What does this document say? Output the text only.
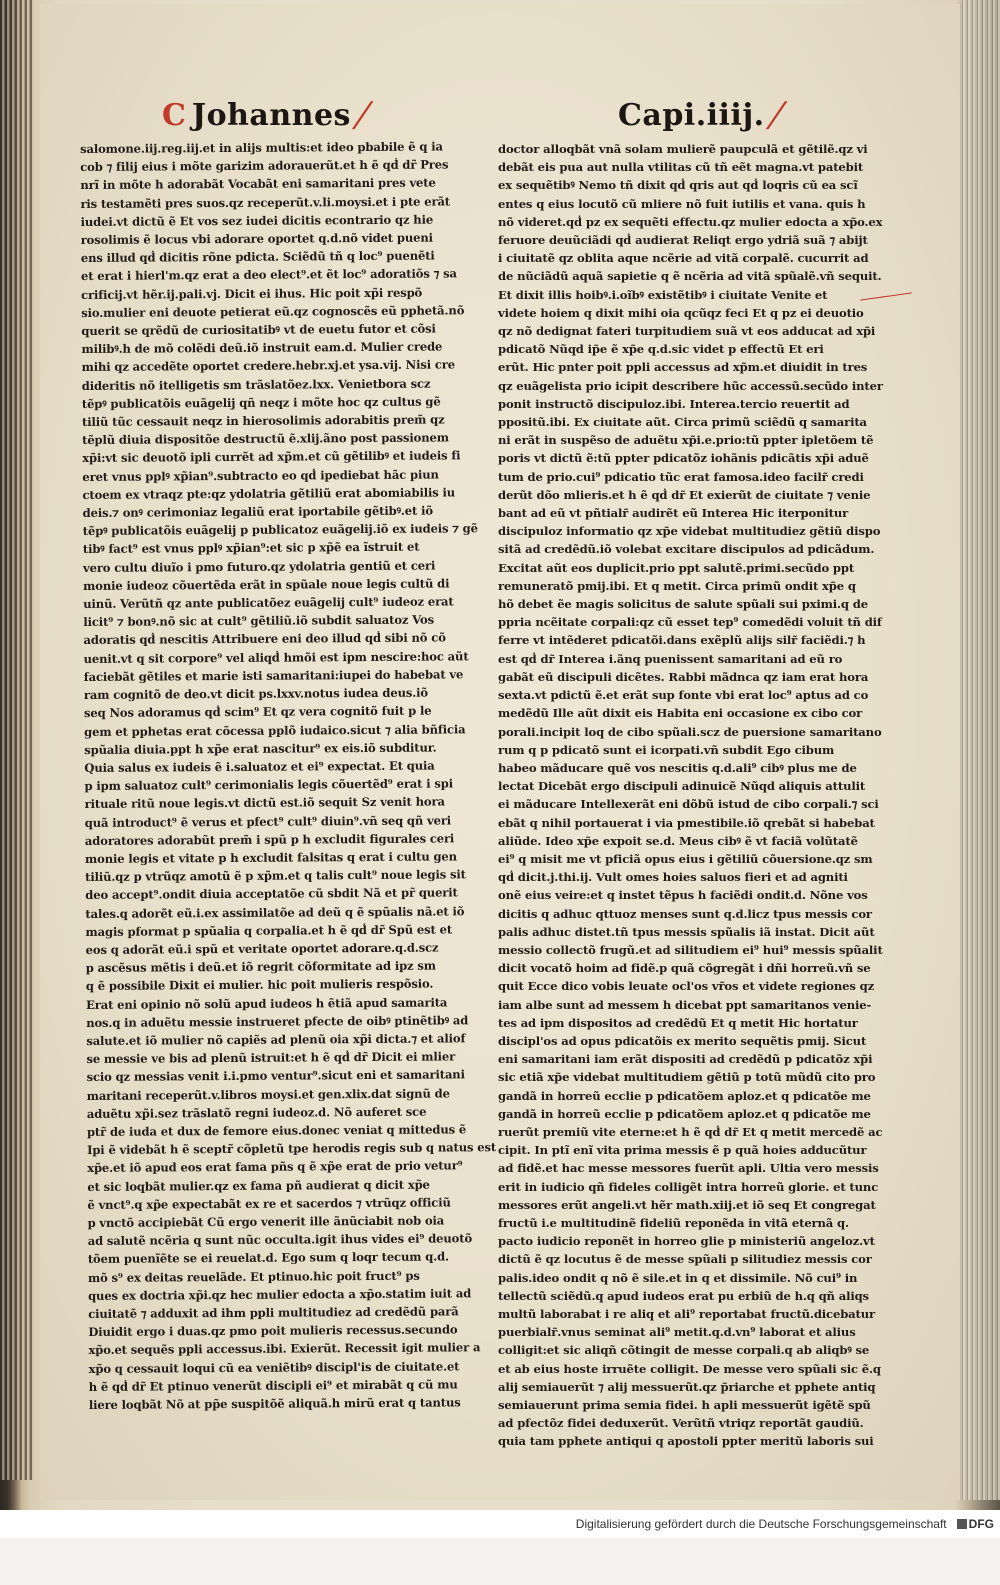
C Johannes
/	Capi.iiij.
/
salomone.iij.reg.iij.et in alijs multis:et ideo pbabile ẽ q ia
cob ⁊ filij eius i mõte garizim adorauerũt.et h ẽ qḋ dr̃ Pres
nrĩ in mõte h adorabãt Vocabãt eni samaritani pres vete
ris testamẽti pres suos.qz receperũt.v.li.moysi.et i pte erãt
iudei.vt dictũ ẽ Et vos sez iudei dicitis econtrario qz hie
rosolimis ẽ locus vbi adorare oportet q.d.nõ videt pueni
ens illud qḋ dicitis rõne pdicta. Sciẽdũ tñ q loc⁹ puenẽti
et erat i hierl'm.qz erat a deo elect⁹.et ẽt loc⁹ adoratiõs ⁊ sa
crificij.vt hẽr.ij.pali.vj. Dicit ei ihus. Hic poit xp̃i respõ
sio.mulier eni deuote petierat eũ.qz cognoscẽs eũ pphetã.nõ
querit se qrẽdũ de curiositatibꝰ vt de euetu futor et cõsi
milibꝰ.h de mõ colẽdi deũ.iõ instruit eam.d. Mulier crede
mihi qz accedẽte oportet credere.hebr.xj.et ysa.vij. Nisi cre
dideritis nõ itelligetis sm trãslatõez.lxx. Venietbora scz
tẽpꝰ publicatõis euãgelij qñ neqz i mõte hoc qz cultus gẽ
tiliũ tũc cessauit neqz in hierosolimis adorabitis prem̃ qz
tẽplũ diuia dispositõe destructũ ẽ.xlij.ãno post passionem
xp̃i:vt sic deuotõ ipli currẽt ad xp̃m.et cũ gẽtilibꝰ et iudeis fi
eret vnus pplꝰ xp̃ian⁹.subtracto eo qḋ ipediebat hãc piun
ctoem ex vtraqz pte:qz ydolatria gẽtiliũ erat abomiabilis iu
deis.⁊ onꝰ cerimoniaz legaliũ erat iportabile gẽtibꝰ.et iõ
tẽpꝰ publicatõis euãgelij p publicatoz euãgelij.iõ ex iudeis ⁊ gẽ
tibꝰ fact⁹ est vnus pplꝰ xp̃ian⁹:et sic p xp̃ẽ ea ĩstruit et
vero cultu diuĩo i pmo futuro.qz ydolatria gentiũ et ceri
monie iudeoz cõuertẽda erãt in spũale noue legis cultũ di
uinũ. Verũtñ qz ante publicatõez euãgelij cult⁹ iudeoz erat
licit⁹ ⁊ bonꝰ.nõ sic at cult⁹ gẽtiliũ.iõ subdit saluatoz Vos
adoratis qḋ nescitis Attribuere eni deo illud qḋ sibi nõ cõ
uenit.vt q sit corpore⁹ vel aliqḋ hmõi est ipm nescire:hoc aũt
faciebãt gẽtiles et marie isti samaritani:iupei do habebat ve
ram cognitõ de deo.vt dicit ps.lxxv.notus iudea deus.iõ
seq Nos adoramus qḋ scim⁹ Et qz vera cognitõ fuit p le
gem et pphetas erat cõcessa pplõ iudaico.sicut ⁊ alia bñficia
spũalia diuia.ppt h xp̃e erat nascitur⁹ ex eis.iõ subditur.
Quia salus ex iudeis ẽ i.saluatoz et ei⁹ expectat. Et quia
p ipm saluatoz cult⁹ cerimonialis legis cõuertẽd⁹ erat i spi
rituale ritũ noue legis.vt dictũ est.iõ sequit Sz venit hora
quã introduct⁹ ẽ verus et pfect⁹ cult⁹ diuin⁹.vñ seq qñ veri
adoratores adorabũt prem̃ i spũ p h excludit figurales ceri
monie legis et vitate p h excludit falsitas q erat i cultu gen
tiliũ.qz p vtrũqz amotũ ẽ p xp̃m.et q talis cult⁹ noue legis sit
deo accept⁹.ondit diuia acceptatõe cũ sbdit Nã et pr̃ querit
tales.q adorẽt eũ.i.ex assimilatõe ad deũ q ẽ spũalis nã.et iõ
magis pformat p spũalia q corpalia.et h ẽ qḋ dr̃ Spũ est et
eos q adorãt eũ.i spũ et veritate oportet adorare.q.d.scz
p ascẽsus mẽtis i deũ.et iõ regrit cõformitate ad ipz sm
q ẽ possibile Dixit ei mulier. hic poit mulieris respõsio.
Erat eni opinio nõ solũ apud iudeos h ẽtiã apud samarita
nos.q in aduẽtu messie instrueret pfecte de oibꝰ ptinẽtibꝰ ad
salute.et iõ mulier nõ capiẽs ad plenũ oia xp̃i dicta.⁊ et aliof
se messie ve bis ad plenũ istruit:et h ẽ qḋ dr̃ Dicit ei mlier
scio qz messias venit i.i.pmo ventur⁹.sicut eni et samaritani
maritani receperũt.v.libros moysi.et gen.xlix.dat signũ de
aduẽtu xp̃i.sez trãslatõ regni iudeoz.d. Nõ auferet sce
ptr̃ de iuda et dux de femore eius.donec veniat q mittedus ẽ
Ipi ẽ videbãt h ẽ sceptr̃ cõpletũ tpe herodis regis sub q natus est
xp̃e.et iõ apud eos erat fama pñs q ẽ xp̃e erat de prio vetur⁹
et sic loqbãt mulier.qz ex fama pñ audierat q dicit xp̃e
ẽ vnct⁹.q xp̃e expectabãt ex re et sacerdos ⁊ vtrũqz officiũ
p vnctõ accipiebãt Cũ ergo venerit ille ãnũciabit nob oia
ad salutẽ ncẽria q sunt nũc occulta.igit ihus vides ei⁹ deuotõ
tõem puenĩẽte se ei reuelat.d. Ego sum q loqr tecum q.d.
mõ s⁹ ex deitas reuelãde. Et ptinuo.hic poit fruct⁹ ps
ques ex doctria xp̃i.qz hec mulier edocta a xp̃o.statim iuit ad
ciuitatẽ ⁊ adduxit ad ihm ppli multitudiez ad credẽdũ parã
Diuidit ergo i duas.qz pmo poit mulieris recessus.secundo
xp̃o.et sequẽs ppli accessus.ibi. Exierũt. Recessit igit mulier a
xp̃o q cessauit loqui cũ ea veniẽtibꝰ discipl'is de ciuitate.et
h ẽ qḋ dr̃ Et ptinuo venerũt discipli ei⁹ et mirabãt q cũ mu
liere loqbãt Nõ at pp̃e suspitõẽ aliquã.h mirũ erat q tantus
doctor alloqbãt vnã solam mulierẽ paupculã et gẽtilẽ.qz vi
debãt eis pua aut nulla vtilitas cũ tñ eẽt magna.vt patebit
ex sequẽtibꝰ Nemo tñ dixit qḋ qris aut qḋ loqris cũ ea scĩ
entes q eius locutõ cũ mliere nõ fuit iutilis et vana. quis h
nõ videret.qḋ pz ex sequẽti effectu.qz mulier edocta a xp̃o.ex
feruore deuũciãdi qḋ audierat Reliqt ergo ydriã suã ⁊ abijt
i ciuitatẽ qz oblita aque ncẽrie ad vitã corpalẽ. cucurrit ad
de nũciãdũ aquã sapietie q ẽ ncẽria ad vitã spũalẽ.vñ sequit.
Et dixit illis hoibꝰ.i.oĩbꝰ existẽtibꝰ i ciuitate Venite et
videte hoiem q dixit mihi oia qcũqz feci Et q pz ei deuotio
qz nõ dedignat fateri turpitudiem suã vt eos adducat ad xp̃i
pdicatõ Nũqd ip̃e ẽ xp̃e q.d.sic videt p effectũ Et eri
erũt. Hic pnter poit ppli accessus ad xp̃m.et diuidit in tres
qz euãgelista prio icipit describere hũc accessũ.secũdo inter
ponit instructõ discipuloz.ibi. Interea.tercio reuertit ad
ppositũ.ibi. Ex ciuitate aũt. Circa primũ sciẽdũ q samarita
ni erãt in suspẽso de aduẽtu xp̃i.e.prio:tũ ppter ipletõem tẽ
poris vt dictũ ẽ:tũ ppter pdicatõz iohãnis pdicãtis xp̃i aduẽ
tum de prio.cui⁹ pdicatio tũc erat famosa.ideo facilr̃ credi
derũt dõo mlieris.et h ẽ qḋ dr̃ Et exierũt de ciuitate ⁊ venie
bant ad eũ vt pñtialr̃ audirẽt eũ Interea Hic iterponitur
discipuloz informatio qz xp̃e videbat multitudiez gẽtiũ dispo
sitã ad credẽdũ.iõ volebat excitare discipulos ad pdicãdum.
Excitat aũt eos duplicit.prio ppt salutẽ.primi.secũdo ppt
remuneratõ pmij.ibi. Et q metit. Circa primũ ondit xp̃e q
hõ debet ẽe magis solicitus de salute spũali sui pximi.q de
ppria ncẽitate corpali:qz cũ esset tep⁹ comedẽdi voluit tñ dif
ferre vt intẽderet pdicatõi.dans exẽplũ alijs silr̃ faciẽdi.⁊ h
est qḋ dr̃ Interea i.ãnq puenissent samaritani ad eũ ro
gabãt eũ discipuli dicẽtes. Rabbi mãdnca qz iam erat hora
sexta.vt pdictũ ẽ.et erãt sup fonte vbi erat loc⁹ aptus ad co
medẽdũ Ille aũt dixit eis Habita eni occasione ex cibo cor
porali.incipit loq de cibo spũali.scz de puersione samaritano
rum q p pdicatõ sunt ei icorpati.vñ subdit Ego cibum
habeo mãducare quẽ vos nescitis q.d.ali⁹ cibꝰ plus me de
lectat Dicebãt ergo discipuli adinuicẽ Nũqd aliquis attulit
ei mãducare Intellexerãt eni dõbũ istud de cibo corpali.⁊ sci
ebãt q nihil portauerat i via pmestibile.iõ qrebãt si habebat
aliũde. Ideo xp̃e expoit se.d. Meus cibꝰ ẽ vt faciã volũtatẽ
ei⁹ q misit me vt pficiã opus eius i gẽtiliũ cõuersione.qz sm
qḋ dicit.j.thi.ij. Vult omes hoies saluos fieri et ad agniti
onẽ eius veire:et q instet tẽpus h faciẽdi ondit.d. Nõne vos
dicitis q adhuc qttuoz menses sunt q.d.licz tpus messis cor
palis adhuc distet.tñ tpus messis spũalis iã instat. Dicit aũt
messio collectõ frugũ.et ad silitudiem ei⁹ hui⁹ messis spũalit
dicit vocatõ hoim ad fidẽ.p quã cõgregãt i dñi horreũ.vñ se
quit Ecce dico vobis leuate ocl'os vr̃os et videte regiones qz
iam albe sunt ad messem h dicebat ppt samaritanos venie-
tes ad ipm dispositos ad credẽdũ Et q metit Hic hortatur
discipl'os ad opus pdicatõis ex merito sequẽtis pmij. Sicut
eni samaritani iam erãt dispositi ad credẽdũ p pdicatõz xp̃i
sic etiã xp̃e videbat multitudiem gẽtiũ p totũ mũdũ cito pro
gandã in horreũ ecclie p pdicatõem aploz.et q pdicatõe me
gandã in horreũ ecclie p pdicatõem aploz.et q pdicatõe me
ruerũt premiũ vite eterne:et h ẽ qḋ dr̃ Et q metit mercedẽ ac
cipit. In ptĩ enĩ vita prima messis ẽ p quã hoies adducũtur
ad fidẽ.et hac messe messores fuerũt apli. Ultia vero messis
erit in iudicio qñ fideles colligẽt intra horreũ glorie. et tunc
messores erũt angeli.vt hẽr math.xiij.et iõ seq Et congregat
fructũ i.e multitudinẽ fideliũ reponẽda in vitã eternã q.
pacto iudicio reponẽt in horreo glie p ministeriũ angeloz.vt
dictũ ẽ qz locutus ẽ de messe spũali p silitudiez messis cor
palis.ideo ondit q nõ ẽ sile.et in q et dissimile. Nõ cui⁹ in
tellectũ sciẽdũ.q apud iudeos erat pu erbiũ de h.q qñ aliqs
multũ laborabat i re aliq et ali⁹ reportabat fructũ.dicebatur
puerbialr̃.vnus seminat ali⁹ metit.q.d.vn⁹ laborat et alius
colligit:et sic aliqñ cõtingit de messe corpali.q ab aliqbꝰ se
et ab eius hoste irruẽte colligit. De messe vero spũali sic ẽ.q
alij semiauerũt ⁊ alij messuerũt.qz p̃riarche et pphete antiq
semiauerunt prima semia fidei. h apli messuerũt igẽtẽ spũ
ad pfectõz fidei deduxerũt. Verũtñ vtriqz reportãt gaudiũ.
quia tam pphete antiqui q apostoli ppter meritũ laboris sui
Digitalisierung gefördert durch die Deutsche Forschungsgemeinschaft DFG
